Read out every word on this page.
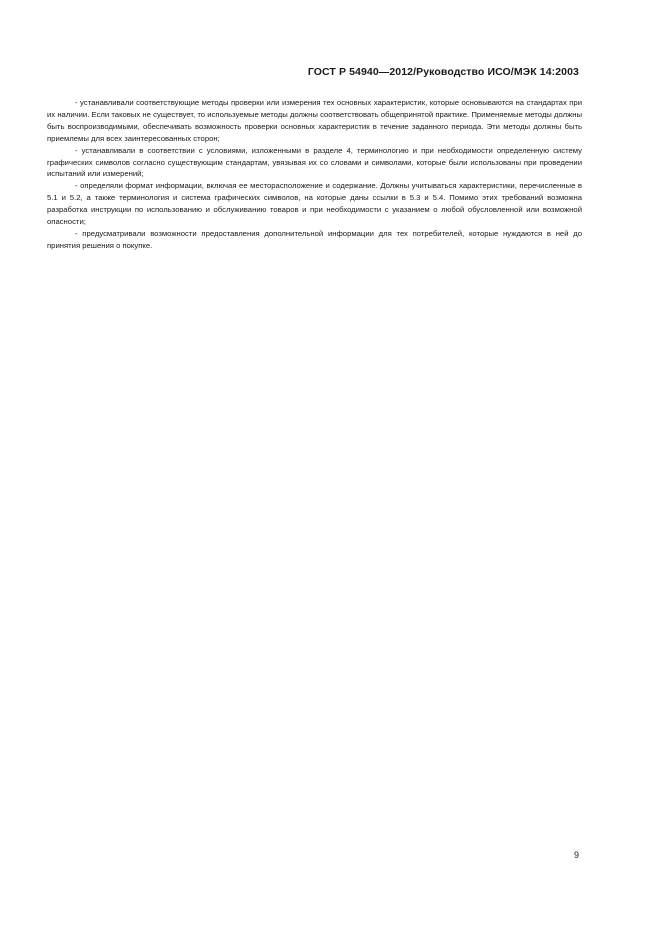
ГОСТ Р 54940—2012/Руководство ИСО/МЭК 14:2003

- устанавливали соответствующие методы проверки или измерения тех основных характеристик, которые основываются на стандартах при их наличии. Если таковых не существует, то используемые методы должны соответствовать общепринятой практике. Применяемые методы должны быть воспроизводимыми, обеспечивать возможность проверки основных характеристик в течение заданного периода. Эти методы должны быть приемлемы для всех заинтересованных сторон;

- устанавливали в соответствии с условиями, изложенными в разделе 4, терминологию и при необходимости определенную систему графических символов согласно существующим стандартам, увязывая их со словами и символами, которые были использованы при проведении испытаний или измерений;

- определяли формат информации, включая ее месторасположение и содержание. Должны учитываться характеристики, перечисленные в 5.1 и 5.2, а также терминология и система графических символов, на которые даны ссылки в 5.3 и 5.4. Помимо этих требований возможна разработка инструкции по использованию и обслуживанию товаров и при необходимости с указанием о любой обусловленной или возможной опасности;

- предусматривали возможности предоставления дополнительной информации для тех потребителей, которые нуждаются в ней до принятия решения о покупке.

9
